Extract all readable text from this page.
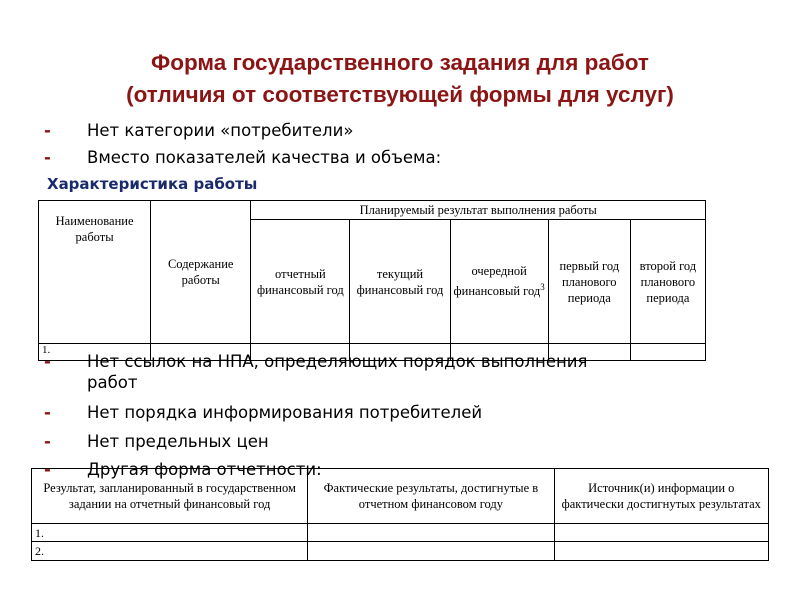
Форма государственного задания для работ
(отличия от соответствующей формы для услуг)
- Нет категории «потребители»
- Вместо показателей качества и объема:
Характеристика работы
Наименование работы	Содержание работы	Планируемый результат выполнения работы				
		отчетный финансовый год	текущий финансовый год	очередной финансовый год$^3$	первый год планового периода	второй год планового периода
1.						
Результат, запланированный в государственном задании на отчетный финансовый год	Фактические результаты, достигнутые в отчетном финансовом году	Источник(и) информации о фактически достигнутых результатах
1.		
2.		
- Нет ссылок на НПА, определяющих порядок выполнения
работ
- Нет порядка информирования потребителей
- Нет предельных цен
- Другая форма отчетности:
